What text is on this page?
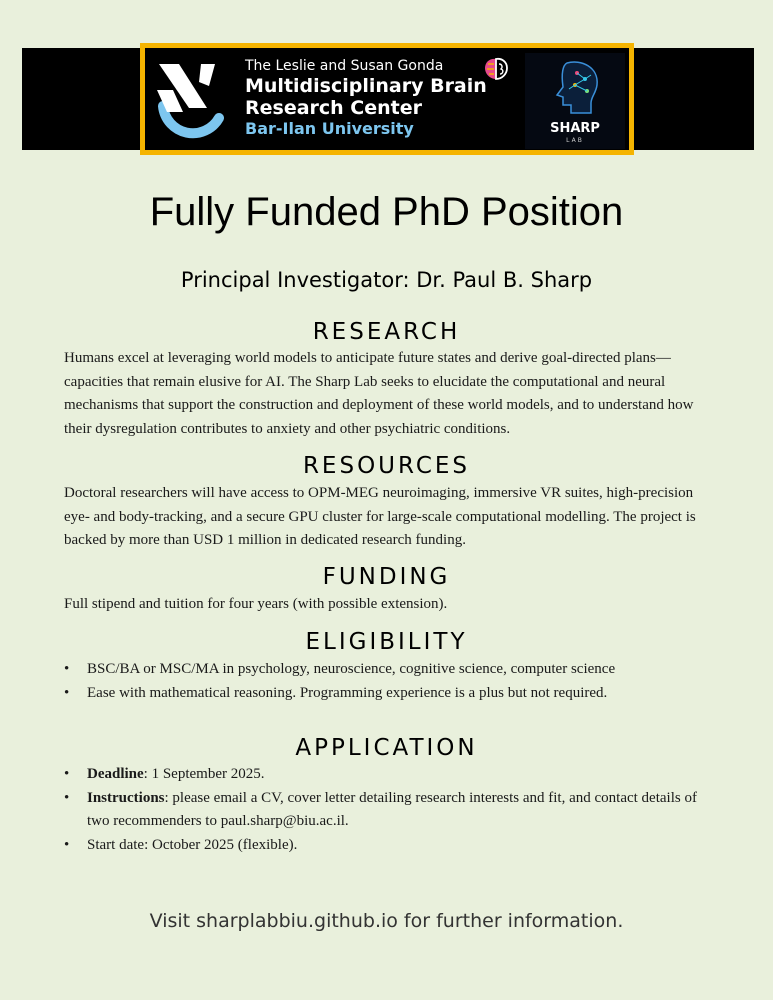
The Leslie and Susan Gonda
Multidisciplinary Brain
Research Center
Bar-Ilan University	SHARP
LAB
Fully Funded PhD Position
Principal Investigator: Dr. Paul B. Sharp
RESEARCH

Humans excel at leveraging world models to anticipate future states and derive goal-directed plans—capacities that remain elusive for AI. The Sharp Lab seeks to elucidate the computational and neural mechanisms that support the construction and deployment of these world models, and to understand how their dysregulation contributes to anxiety and other psychiatric conditions.

RESOURCES

Doctoral researchers will have access to OPM-MEG neuroimaging, immersive VR suites, high-precision eye- and body-tracking, and a secure GPU cluster for large-scale computational modelling. The project is backed by more than USD 1 million in dedicated research funding.

FUNDING

Full stipend and tuition for four years (with possible extension).

ELIGIBILITY
• BSC/BA or MSC/MA in psychology, neuroscience, cognitive science, computer science
• Ease with mathematical reasoning. Programming experience is a plus but not required.
APPLICATION
• Deadline: 1 September 2025.
• Instructions: please email a CV, cover letter detailing research interests and fit, and contact details of two recommenders to paul.sharp@biu.ac.il.
• Start date: October 2025 (flexible).
Visit sharplabbiu.github.io for further information.
